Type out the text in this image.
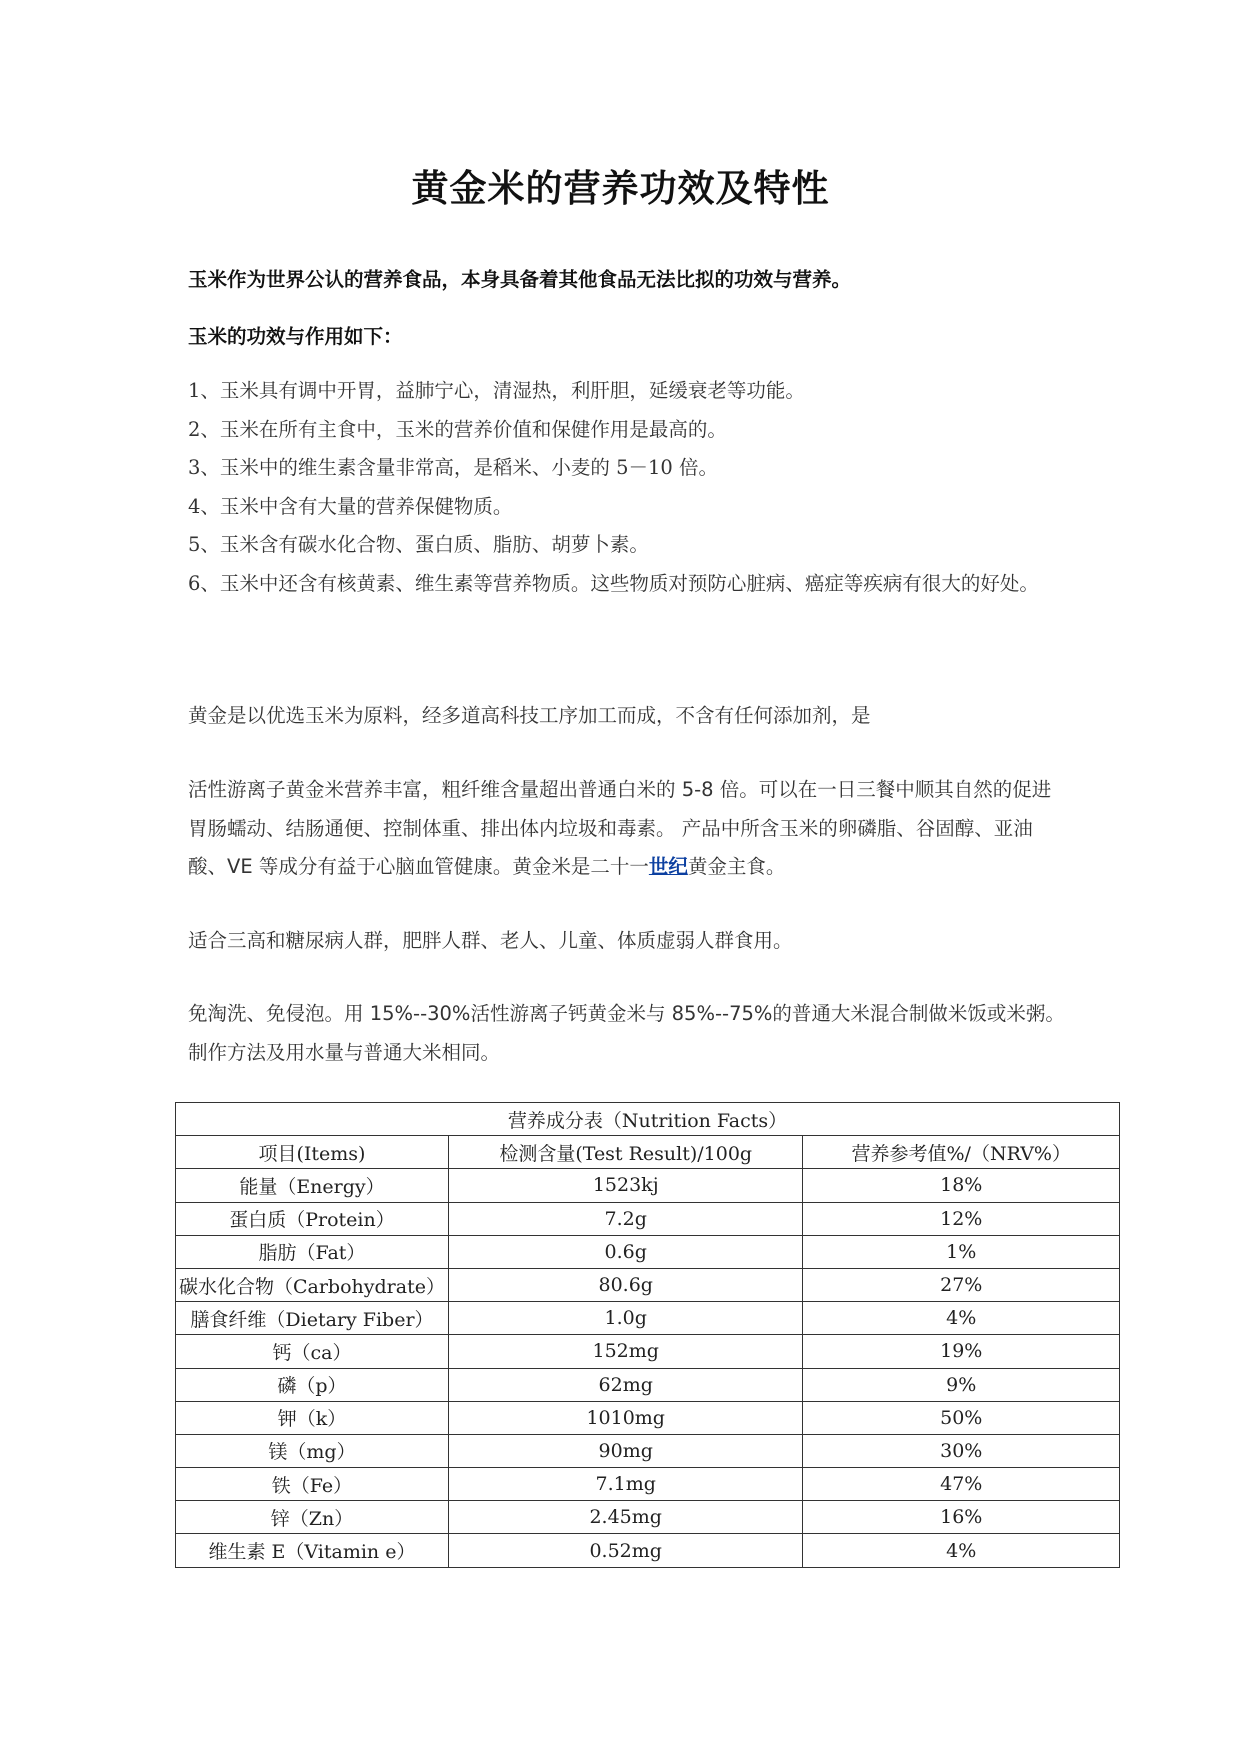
黄金米的营养功效及特性
玉米作为世界公认的营养食品，本身具备着其他食品无法比拟的功效与营养。
玉米的功效与作用如下：
1、玉米具有调中开胃，益肺宁心，清湿热，利肝胆，延缓衰老等功能。
2、玉米在所有主食中，玉米的营养价值和保健作用是最高的。
3、玉米中的维生素含量非常高，是稻米、小麦的 5－10 倍。
4、玉米中含有大量的营养保健物质。
5、玉米含有碳水化合物、蛋白质、脂肪、胡萝卜素。
6、玉米中还含有核黄素、维生素等营养物质。这些物质对预防心脏病、癌症等疾病有很大的好处。

黄金是以优选玉米为原料，经多道高科技工序加工而成，不含有任何添加剂，是

活性游离子黄金米营养丰富，粗纤维含量超出普通白米的 5-8 倍。可以在一日三餐中顺其自然的促进胃肠蠕动、结肠通便、控制体重、排出体内垃圾和毒素。 产品中所含玉米的卵磷脂、谷固醇、亚油酸、VE 等成分有益于心脑血管健康。黄金米是二十一世纪黄金主食。

适合三高和糖尿病人群，肥胖人群、老人、儿童、体质虚弱人群食用。

免淘洗、免侵泡。用 15%--30%活性游离子钙黄金米与 85%--75%的普通大米混合制做米饭或米粥。制作方法及用水量与普通大米相同。

营养成分表（Nutrition Facts）		
项目(Items)	检测含量(Test Result)/100g	营养参考值%/（NRV%）
能量（Energy）	1523kj	18%
蛋白质（Protein）	7.2g	12%
脂肪（Fat）	0.6g	1%
碳水化合物（Carbohydrate）	80.6g	27%
膳食纤维（Dietary Fiber）	1.0g	4%
钙（ca）	152mg	19%
磷（p）	62mg	9%
钾（k）	1010mg	50%
镁（mg）	90mg	30%
铁（Fe）	7.1mg	47%
锌（Zn）	2.45mg	16%
维生素 E（Vitamin e）	0.52mg	4%
